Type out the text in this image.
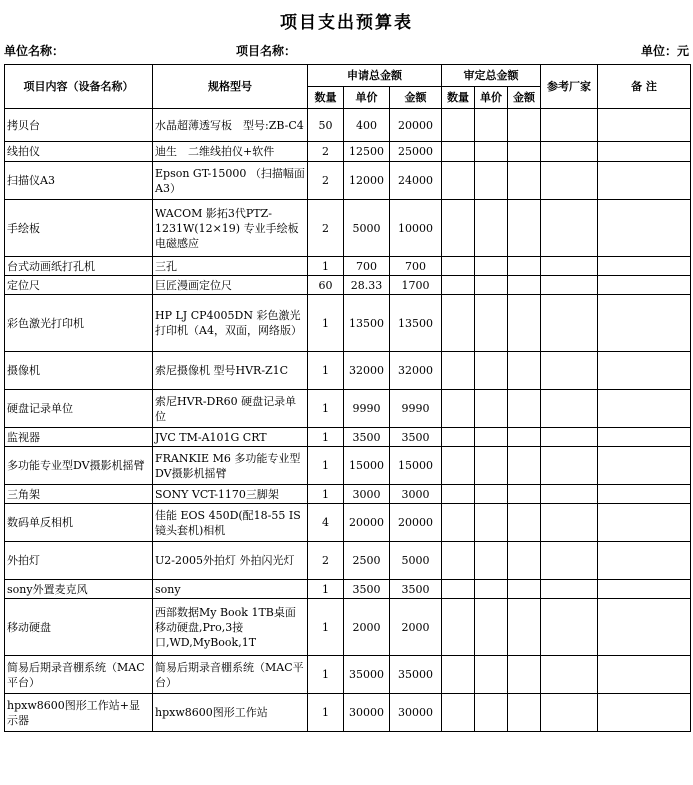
项目支出预算表
单位名称：	项目名称：	单位：元
项目内容（设备名称）	规格型号	申请总金额			审定总金额			参考厂家	备 注
		数量	单价	金额	数量	单价	金额		
拷贝台	水晶超薄透写板　型号:ZB-C4	50	400	20000					
线拍仪	迪生　二维线拍仪+软件	2	12500	25000					
扫描仪A3	Epson GT-15000 （扫描幅面 A3）	2	12000	24000					
手绘板	WACOM 影拓3代PTZ-1231W(12×19) 专业手绘板 电磁感应	2	5000	10000					
台式动画纸打孔机	三孔	1	700	700					
定位尺	巨匠漫画定位尺	60	28.33	1700					
彩色激光打印机	HP LJ CP4005DN 彩色激光打印机（A4，双面，网络版）	1	13500	13500					
摄像机	索尼摄像机 型号HVR-Z1C	1	32000	32000					
硬盘记录单位	索尼HVR-DR60 硬盘记录单位	1	9990	9990					
监视器	JVC TM-A101G CRT	1	3500	3500					
多功能专业型DV摄影机摇臂	FRANKIE M6 多功能专业型DV摄影机摇臂	1	15000	15000					
三角架	SONY VCT-1170三脚架	1	3000	3000					
数码单反相机	佳能 EOS 450D(配18-55 IS镜头套机)相机	4	20000	20000					
外拍灯	U2-2005外拍灯 外拍闪光灯	2	2500	5000					
sony外置麦克风	sony	1	3500	3500					
移动硬盘	西部数据My Book 1TB桌面移动硬盘,Pro,3接口,WD,MyBook,1T	1	2000	2000					
简易后期录音棚系统（MAC平台）	简易后期录音棚系统（MAC平台）	1	35000	35000					
hpxw8600图形工作站+显示器	hpxw8600图形工作站	1	30000	30000					
